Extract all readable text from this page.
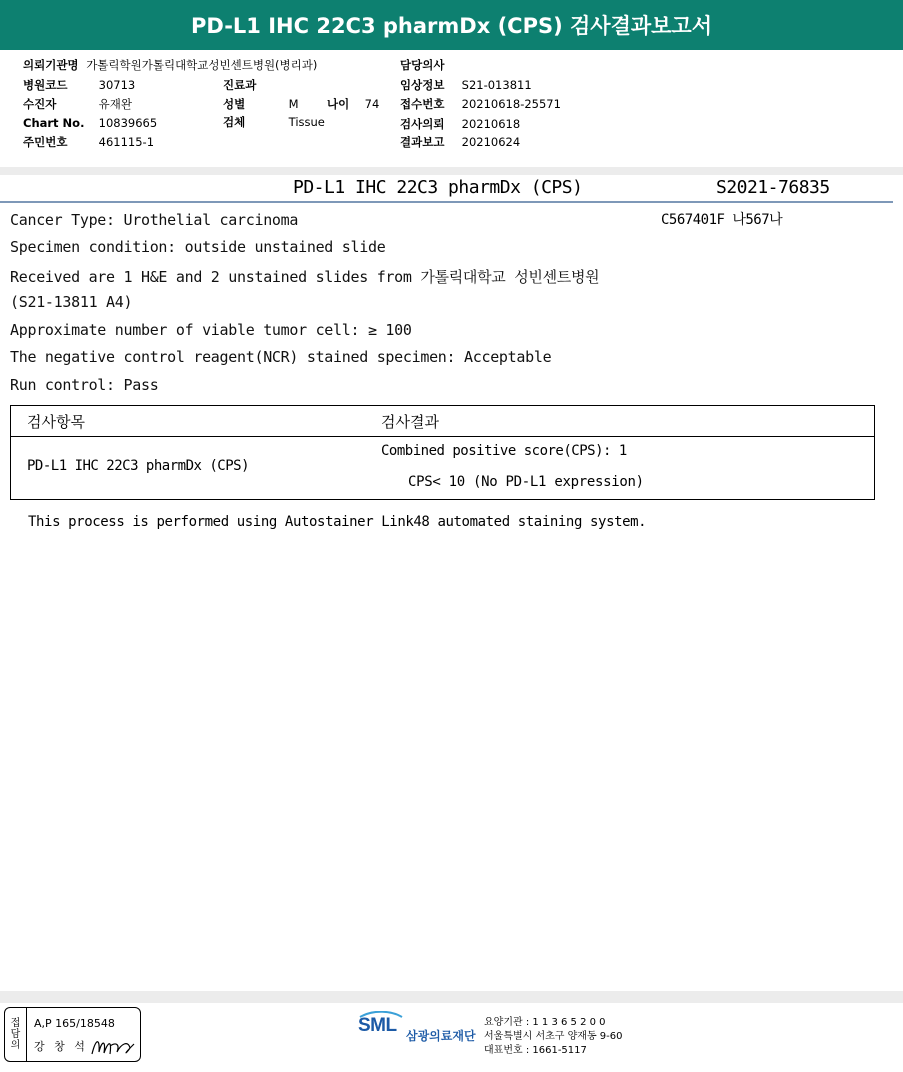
PD-L1 IHC 22C3 pharmDx (CPS) 검사결과보고서
의뢰기관명 가톨릭학원가톨릭대학교성빈센트병원(병리과)
병원코드	30713
수진자	유재완
Chart No. 10839665
주민번호	461115-1
진료과
성별	M 나이 74
검체	Tissue
담당의사
임상정보 S21-013811
접수번호 20210618-25571
검사의뢰 20210618
결과보고 20210624
PD-L1 IHC 22C3 pharmDx (CPS)	S2021-76835
C567401F 나567나
Cancer Type: Urothelial carcinoma
Specimen condition: outside unstained slide
Received are 1 H&E and 2 unstained slides from 가톨릭대학교 성빈센트병원
(S21-13811 A4)
Approximate number of viable tumor cell: ≥ 100
The negative control reagent(NCR) stained specimen: Acceptable
Run control: Pass
검사항목	검사결과
PD-L1 IHC 22C3 pharmDx (CPS)
Combined positive score(CPS): 1
CPS< 10 (No PD-L1 expression)
This process is performed using Autostainer Link48 automated staining system.
접
담
의
A,P 165/18548
강 창 석
SML 삼광의료재단
요양기관 : 1 1 3 6 5 2 0 0
서울특별시 서초구 양재동 9-60
대표번호 : 1661-5117
